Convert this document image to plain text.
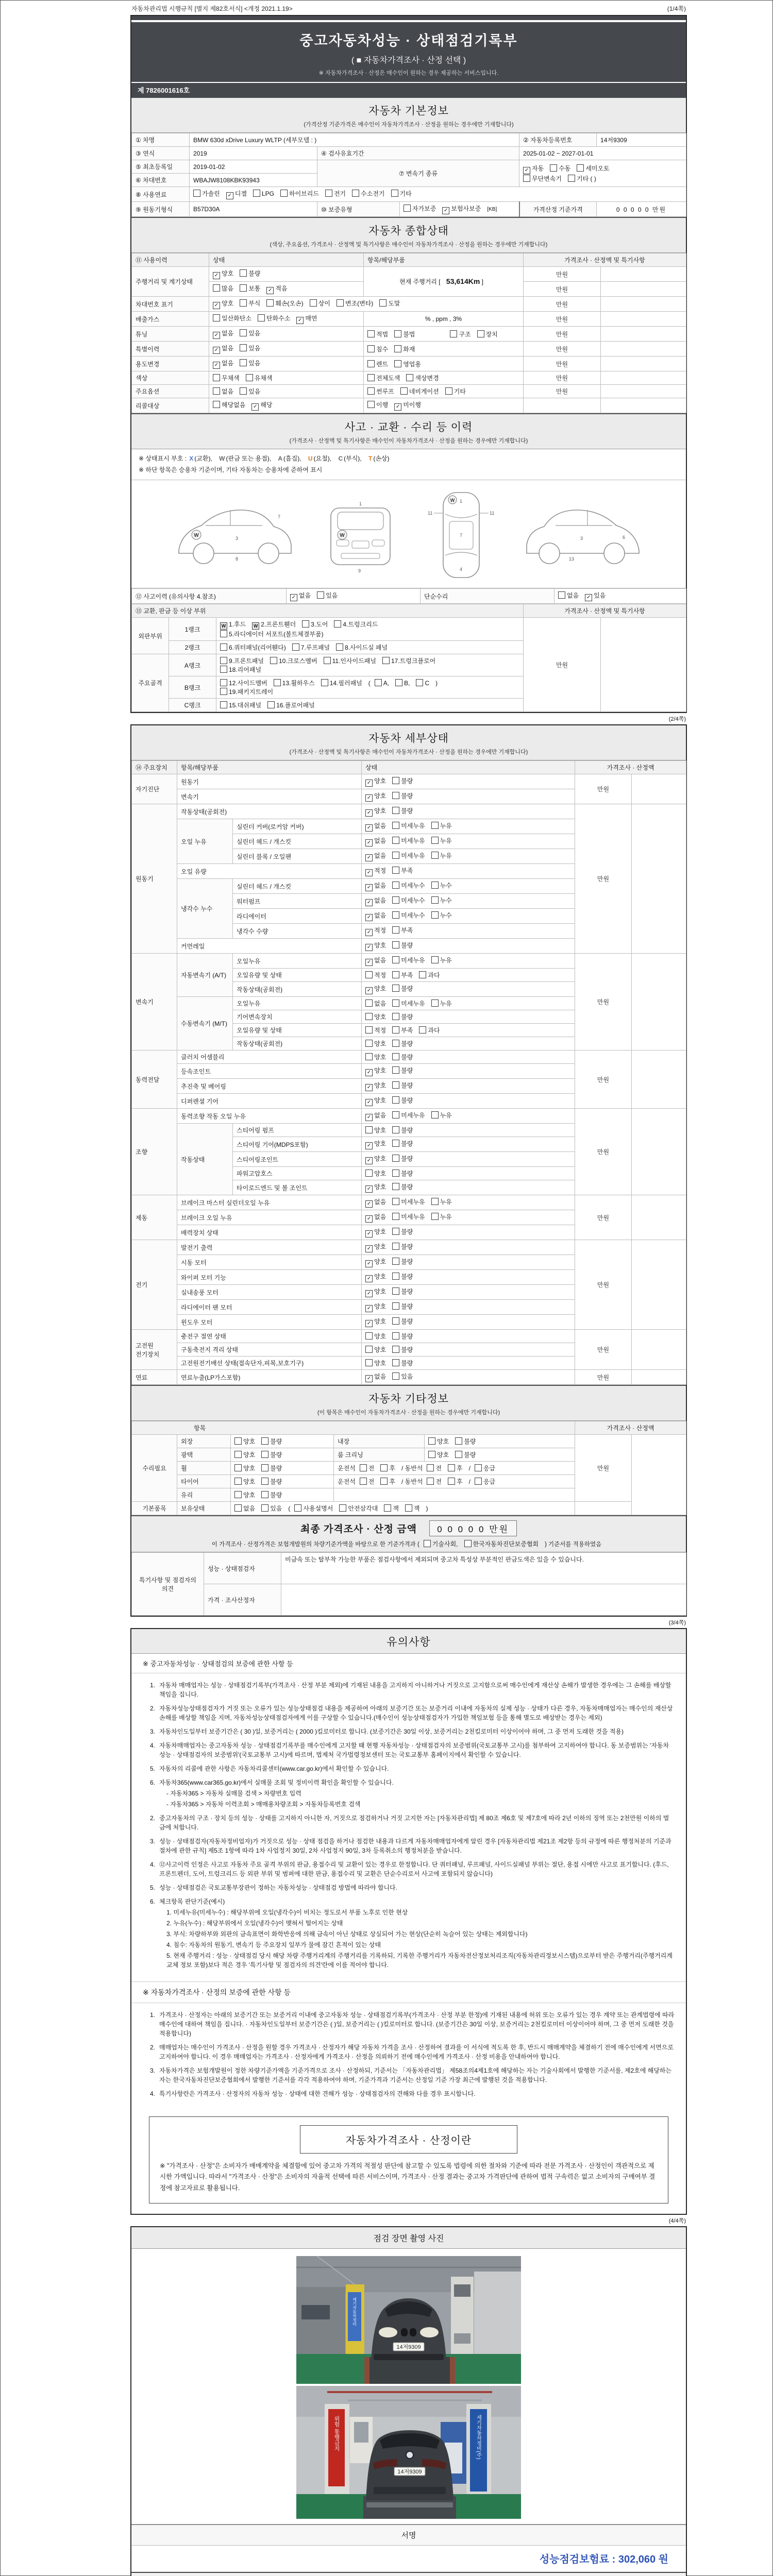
자동차관리법 시행규칙 [별지 제82호서식] <개정 2021.1.19>	(1/4쪽)
중고자동차성능 · 상태점검기록부
( ■ 자동차가격조사 · 산정 선택 )
※ 자동차가격조사 · 산정은 매수인이 원하는 경우 제공하는 서비스입니다.
제 7826001616호
자동차 기본정보
(가격산정 기준가격은 매수인이 자동차가격조사 · 산정을 원하는 경우에만 기재합니다)
① 차명	BMW 630d xDrive Luxury WLTP (세부모델 : )			② 자동차등록번호	14저9309
③ 연식	2019	④ 검사유효기간		2025-01-02 ~ 2027-01-01	
⑤ 최초등록일	2019-01-02	⑦ 변속기 종류		✓ 자동 수동 세미오토
무단변속기 기타 ( )	

⑥ 차대번호	WBAJW8108KBK93943				
⑧ 사용연료	가솔린 ✓ 디젤 LPG 하이브리드 전기 수소전기 기타				
⑨ 원동기형식	B57D30A	⑩ 보증유형	자가보증 ✓ 보험사보증 [KB]	가격산정 기준가격	0 0 0 0 0 만원
자동차 종합상태
(색상, 주요옵션, 가격조사 · 산정액 및 특기사항은 매수인이 자동차가격조사 · 산정을 원하는 경우에만 기재합니다)
⑪ 사용이력	상태	항목/해당부품	가격조사 · 산정액 및 특기사항	
주행거리 및 계기상태	✓ 양호 불량	현재 주행거리 [ 53,614Km ]	만원	
	많음 보통 ✓ 적음		만원	
차대번호 표기	✓ 양호 부식 훼손(오손) 상이 변조(변타) 도말		만원	
배출가스	일산화탄소 탄화수소 ✓ 매연	% , ppm , 3%	만원	
튜닝	✓ 없음 있음	적법 불법 구조 장치	만원	
특별이력	✓ 없음 있음	침수 화재	만원	
용도변경	✓ 없음 있음	렌트 영업용	만원	
색상	무채색 유채색	전체도색 색상변경	만원	
주요옵션	없음 있음	썬루프 네비게이션 기타	만원	
리콜대상	해당없음 ✓ 해당	이행 ✓ 미이행		
사고 · 교환 · 수리 등 이력
(가격조사 · 산정액 및 특기사항은 매수인이 자동차가격조사 · 산정을 원하는 경우에만 기재합니다)
※ 상태표시 부호 : X (교환), W (판금 또는 용접), A (흠집), U (요철), C (부식), T (손상)
※ 하단 항목은 승용차 기준이며, 기타 자동차는 승용차에 준하여 표시
W	3
8
7
W
1
9
11	11
1
7
4
W
3	6
13
⑫ 사고이력 (유의사항 4.참조)	✓ 없음 있음	단순수리	없음 ✓ 있음
⑬ 교환, 판금 등 이상 부위			가격조사 · 산정액 및 특기사항	
외판부위	1랭크	W 1.후드 W 2.프론트휀더 3.도어 4.트렁크리드
5.라디에이터 서포트(볼트체결부품)	만원	
	2랭크	6.쿼터패널(리어휀다) 7.루프패널 8.사이드실 패널		

주요골격	A랭크	9.프론트패널 10.크로스멤버 11.인사이드패널 17.트렁크플로어
18.리어패널		

	B랭크	12.사이드멤버 13.휠하우스 14.필러패널 ( A, B, C )
19.패키지트레이		

	C랭크	15.대쉬패널 16.플로어패널		
(2/4쪽)
자동차 세부상태
(가격조사 · 산정액 및 특기사항은 매수인이 자동차가격조사 · 산정을 원하는 경우에만 기재합니다)
⑭ 주요장치	항목/해당부품		상태	가격조사 · 산정액	
자기진단	원동기		✓ 양호 불량	만원	
	변속기		✓ 양호 불량		
원동기	작동상태(공회전)		✓ 양호 불량	만원	
	오일 누유	실린더 커버(로커암 커버)	✓ 없음 미세누유 누유		
		실린더 헤드 / 개스킷	✓ 없음 미세누유 누유		
		실린더 블록 / 오일팬	✓ 없음 미세누유 누유		
	오일 유량		✓ 적정 부족		
	냉각수 누수	실린더 헤드 / 개스킷	✓ 없음 미세누수 누수		
		워터펌프	✓ 없음 미세누수 누수		
		라디에이터	✓ 없음 미세누수 누수		
		냉각수 수량	✓ 적정 부족		
	커먼레일		✓ 양호 불량		
변속기	자동변속기 (A/T)	오일누유	✓ 없음 미세누유 누유	만원	
		오일유량 및 상태	적정 부족 과다		
		작동상태(공회전)	✓ 양호 불량		
	수동변속기 (M/T)	오일누유	없음 미세누유 누유		
		기어변속장치	양호 불량		
		오일유량 및 상태	적정 부족 과다		
		작동상태(공회전)	양호 불량		
동력전달	클러치 어셈블리		양호 불량	만원	
	등속조인트		✓ 양호 불량		
	추진축 및 베어링		✓ 양호 불량		
	디퍼렌셜 기어		✓ 양호 불량		
조향	동력조향 작동 오일 누유		✓ 없음 미세누유 누유	만원	
	작동상태	스티어링 펌프	양호 불량		
		스티어링 기어(MDPS포함)	✓ 양호 불량		
		스티어링조인트	✓ 양호 불량		
		파워고압호스	양호 불량		
		타이로드엔드 및 볼 조인트	✓ 양호 불량		
제동	브레이크 마스터 실린더오일 누유		✓ 없음 미세누유 누유	만원	
	브레이크 오일 누유		✓ 없음 미세누유 누유		
	배력장치 상태		✓ 양호 불량		
전기	발전기 출력		✓ 양호 불량	만원	
	시동 모터		✓ 양호 불량		
	와이퍼 모터 기능		✓ 양호 불량		
	실내송풍 모터		✓ 양호 불량		
	라디에이터 팬 모터		✓ 양호 불량		
	윈도우 모터		✓ 양호 불량		
고전원 전기장치	충전구 절연 상태		양호 불량	만원	
	구동축전지 격리 상태		양호 불량		
	고전원전기배선 상태(접속단자,피복,보호기구)		양호 불량		
연료	연료누출(LP가스포함)		✓ 없음 있음	만원	
자동차 기타정보
(이 항목은 매수인이 자동차가격조사 · 산정을 원하는 경우에만 기재합니다)
항목					가격조사 · 산정액	
수리필요	외장	양호 불량	내장	양호 불량	만원	
	광택	양호 불량	룸 크리닝	양호 불량		
	휠	양호 불량	운전석 전 후 / 동반석 전 후 / 응급			
	타이어	양호 불량	운전석 전 후 / 동반석 전 후 / 응급			
	유리	양호 불량				
기본품목	보유상태	없음 있음 ( 사용설명서 안전삼각대 잭 잭 )				
최종 가격조사 · 산정 금액 0 0 0 0 0 만원
이 가격조사 · 산정가격은 보험개발원의 차량기준가액을 바탕으로 한 기준가격과 ( 기술사회, 한국자동차진단보증협회 ) 기준서를 적용하였음
특기사항 및 점검자의 의견	성능 · 상태점검자	비금속 또는 탈부착 가능한 부품은 점검사항에서 제외되며 중고차 특성상 부분적인 판금도색은 있을 수 있습니다.
	가격 · 조사산정자	
(3/4쪽)
유의사항
※ 중고자동차성능 · 상태점검의 보증에 관한 사항 등
1. 자동차 매매업자는 성능 · 상태점검기록부(가격조사 · 산정 부분 제외)에 기재된 내용을 고지하지 아니하거나 거짓으로 고지함으로써 매수인에게 재산상 손해가 발생한 경우에는 그 손해를 배상할 책임을 집니다.
2. 자동차성능상태점검자가 거짓 또는 오류가 있는 성능상태점검 내용을 제공하여 아래의 보증기간 또는 보증거리 이내에 자동차의 실제 성능 · 상태가 다른 경우, 자동차매매업자는 매수인의 재산상 손해를 배상할 책임을 지며, 자동차성능상태점검자에게 이를 구상할 수 있습니다.(매수인이 성능상태점검자가 가입한 책임보험 등을 통해 별도로 배상받는 경우는 제외)
3. 자동차인도일부터 보증기간은 ( 30 )일, 보증거리는 ( 2000 )킬로미터로 합니다. (보증기간은 30일 이상, 보증거리는 2천킬로미터 이상이어야 하며, 그 중 먼저 도래한 것을 적용)
4. 자동차매매업자는 중고자동차 성능 · 상태점검기록부를 매수인에게 고지할 때 현행 자동차성능 · 상태점검자의 보증범위(국토교통부 고시)를 첨부하여 고지하여야 합니다. 동 보증범위는 '자동차성능 · 상태점검자의 보증범위'(국토교통부 고시)에 따르며, 법제처 국가법령정보센터 또는 국토교통부 홈페이지에서 확인할 수 있습니다.
5. 자동차의 리콜에 관한 사항은 자동차리콜센터(www.car.go.kr)에서 확인할 수 있습니다.
6. 자동차365(www.car365.go.kr)에서 실매물 조회 및 정비이력 확인을 확인할 수 있습니다.
- 자동차365 > 자동차 실매물 검색 > 차량번호 입력
- 자동차365 > 자동차 이력조회 > 매매용차량조회 > 자동차등록번호 검색
2. 중고자동차의 구조 · 장치 등의 성능 · 상태를 고지하지 아니한 자, 거짓으로 점검하거나 거짓 고지한 자는 [자동차관리법] 제 80조 제6호 및 제7호에 따라 2년 이하의 징역 또는 2천만원 이하의 벌금에 처합니다.
3. 성능 · 상태점검자(자동차정비업자)가 거짓으로 성능 · 상태 점검을 하거나 점검한 내용과 다르게 자동차매매업자에게 알린 경우 [자동차관리법 제21조 제2항 등의 규정에 따른 행정처분의 기준과 절차에 관한 규칙] 제5조 1항에 따라 1차 사업정지 30일, 2차 사업정지 90일, 3차 등록취소의 행정처분을 받습니다.
4. ⑫사고이력 인정은 사고로 자동차 주요 골격 부위의 판금, 용접수리 및 교환이 있는 경우로 한정합니다. 단 쿼터패널, 루프패널, 사이드실패널 부위는 절단, 용접 시에만 사고로 표기합니다. (후드, 프론트펜더, 도어, 트렁크리드 등 외판 부위 및 범퍼에 대한 판금, 용접수리 및 교환은 단순수리로서 사고에 포함되지 않습니다)
5. 성능 · 상태점검은 국토교통부장관이 정하는 자동차성능 · 상태점검 방법에 따라야 합니다.
6. 체크항목 판단기준(예시)
1. 미세누유(미세누수) : 해당부위에 오일(냉각수)이 비치는 정도로서 부품 노후로 인한 현상
2. 누유(누수) : 해당부위에서 오일(냉각수)이 맺혀서 떨어지는 상태
3. 부식: 차량하부와 외판의 금속표면이 화학반응에 의해 금속이 아닌 상태로 상실되어 가는 현상(단순히 녹슬어 있는 상태는 제외합니다)
4. 침수: 자동차의 원동기, 변속기 등 주요장치 일부가 물에 잠긴 흔적이 있는 상태
5. 현재 주행거리 : 성능 · 상태점검 당시 해당 차량 주행거리계의 주행거리를 기록하되, 기록한 주행거리가 자동차전산정보처리조직(자동차관리정보시스템)으로부터 받은 주행거리(주행거리계 교체 정보 포함)보다 적은 경우 '특기사항 및 점검자의 의견'란에 이를 적어야 합니다.
※ 자동차가격조사 · 산정의 보증에 관한 사항 등
1. 가격조사 · 산정자는 아래의 보증기간 또는 보증거리 이내에 중고자동차 성능 · 상태점검기록부(가격조사 · 산정 부분 한정)에 기재된 내용에 허위 또는 오류가 있는 경우 계약 또는 관계법령에 따라 매수인에 대하여 책임을 집니다. · 자동차인도일부터 보증기간은 ( )일, 보증거리는 ( )킬로미터로 합니다. (보증기간은 30일 이상, 보증거리는 2천킬로미터 이상이어야 하며, 그 중 먼저 도래한 것을 적용합니다)
2. 매매업자는 매수인이 가격조사 · 산정을 원할 경우 가격조사 · 산정자가 해당 자동차 가격을 조사 · 산정하여 결과를 이 서식에 적도록 한 후, 반드시 매매계약을 체결하기 전에 매수인에게 서면으로 고지하여야 합니다. 이 경우 매매업자는 가격조사 · 산정자에게 가격조사 · 산정을 의뢰하기 전에 매수인에게 가격조사 · 산정 비용을 안내하여야 합니다.
3. 자동차가격은 보험개발원이 정한 차량기준가액을 기준가격으로 조사 · 산정하되, 기준서는 「자동차관리법」 제58조의4제1호에 해당하는 자는 기술사회에서 발행한 기준서를, 제2호에 해당하는 자는 한국자동차진단보증협회에서 발행한 기준서를 각각 적용하여야 하며, 기준가격과 기준서는 산정일 기준 가장 최근에 발행된 것을 적용합니다.
4. 특기사항란은 가격조사 · 산정자의 자동차 성능 · 상태에 대한 견해가 성능 · 상태점검자의 견해와 다를 경우 표시합니다.
자동차가격조사 · 산정이란
※ "가격조사 · 산정"은 소비자가 매매계약을 체결함에 있어 중고차 가격의 적절성 판단에 참고할 수 있도록 법령에 의한 절차와 기준에 따라 전문 가격조사 · 산정인이 객관적으로 제시한 가액입니다. 따라서 "가격조사 · 산정"은 소비자의 자율적 선택에 따른 서비스이며, 가격조사 · 산정 결과는 중고차 가격판단에 관하여 법적 구속력은 없고 소비자의 구매여부 결정에 참고자료로 활용됩니다.
(4/4쪽)
점검 장면 촬영 사진
세기자동차정비
14저9309
위험 통행금지	세기자동차정비(주)
14저9309
서명
성능점검보험료 : 302,060 원
